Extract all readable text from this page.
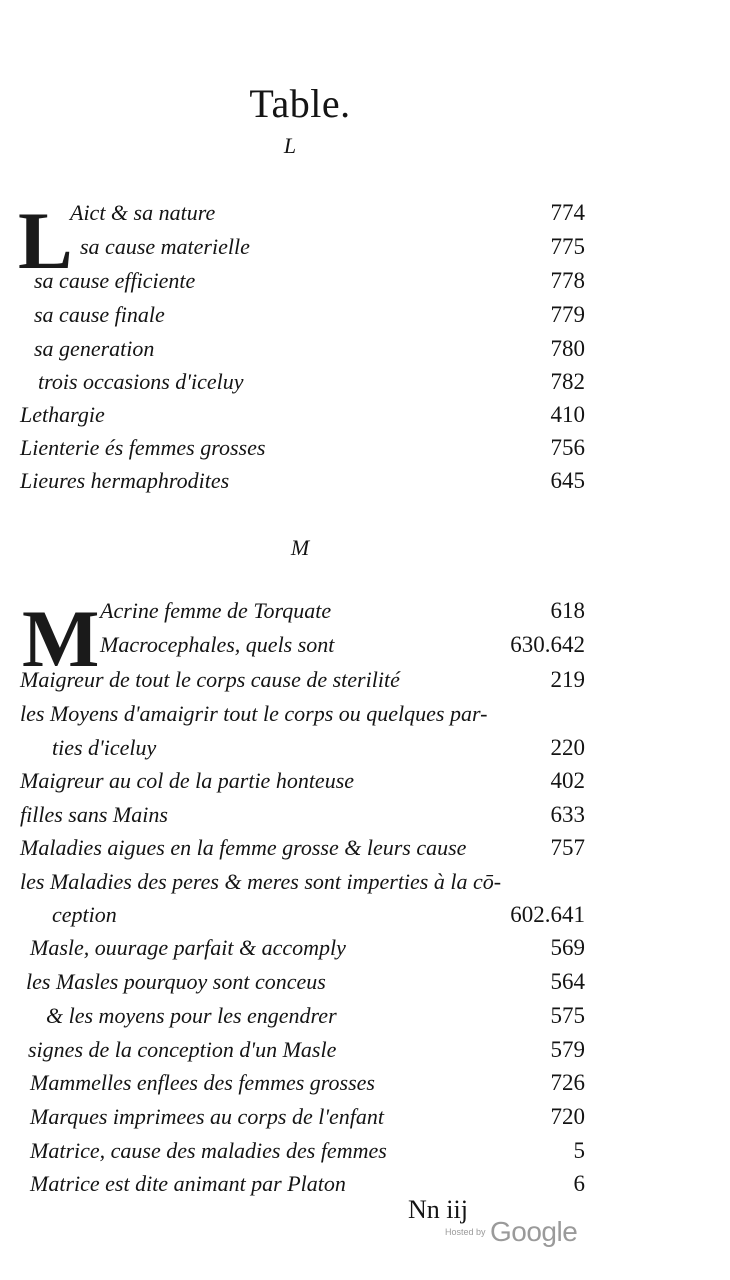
Table.
L
L
Aict & sa nature	774
sa cause materielle	775
sa cause efficiente	778
sa cause finale	779
sa generation	780
trois occasions d'iceluy	782
Lethargie	410
Lienterie és femmes grosses	756
Lieures hermaphrodites	645
M
M Acrine femme de Torquate	618
Macrocephales, quels sont	630.642
Maigreur de tout le corps cause de sterilité	219
les Moyens d'amaigrir tout le corps ou quelques par-
ties d'iceluy	220
Maigreur au col de la partie honteuse	402
filles sans Mains	633
Maladies aigues en la femme grosse & leurs cause	757
les Maladies des peres & meres sont imperties à la cō-
ception	602.641
Masle, ouurage parfait & accomply	569
les Masles pourquoy sont conceus	564
& les moyens pour les engendrer	575
signes de la conception d'un Masle	579
Mammelles enflees des femmes grosses	726
Marques imprimees au corps de l'enfant	720
Matrice, cause des maladies des femmes	5
Matrice est dite animant par Platon	6
Nn iij
Hosted by Google
